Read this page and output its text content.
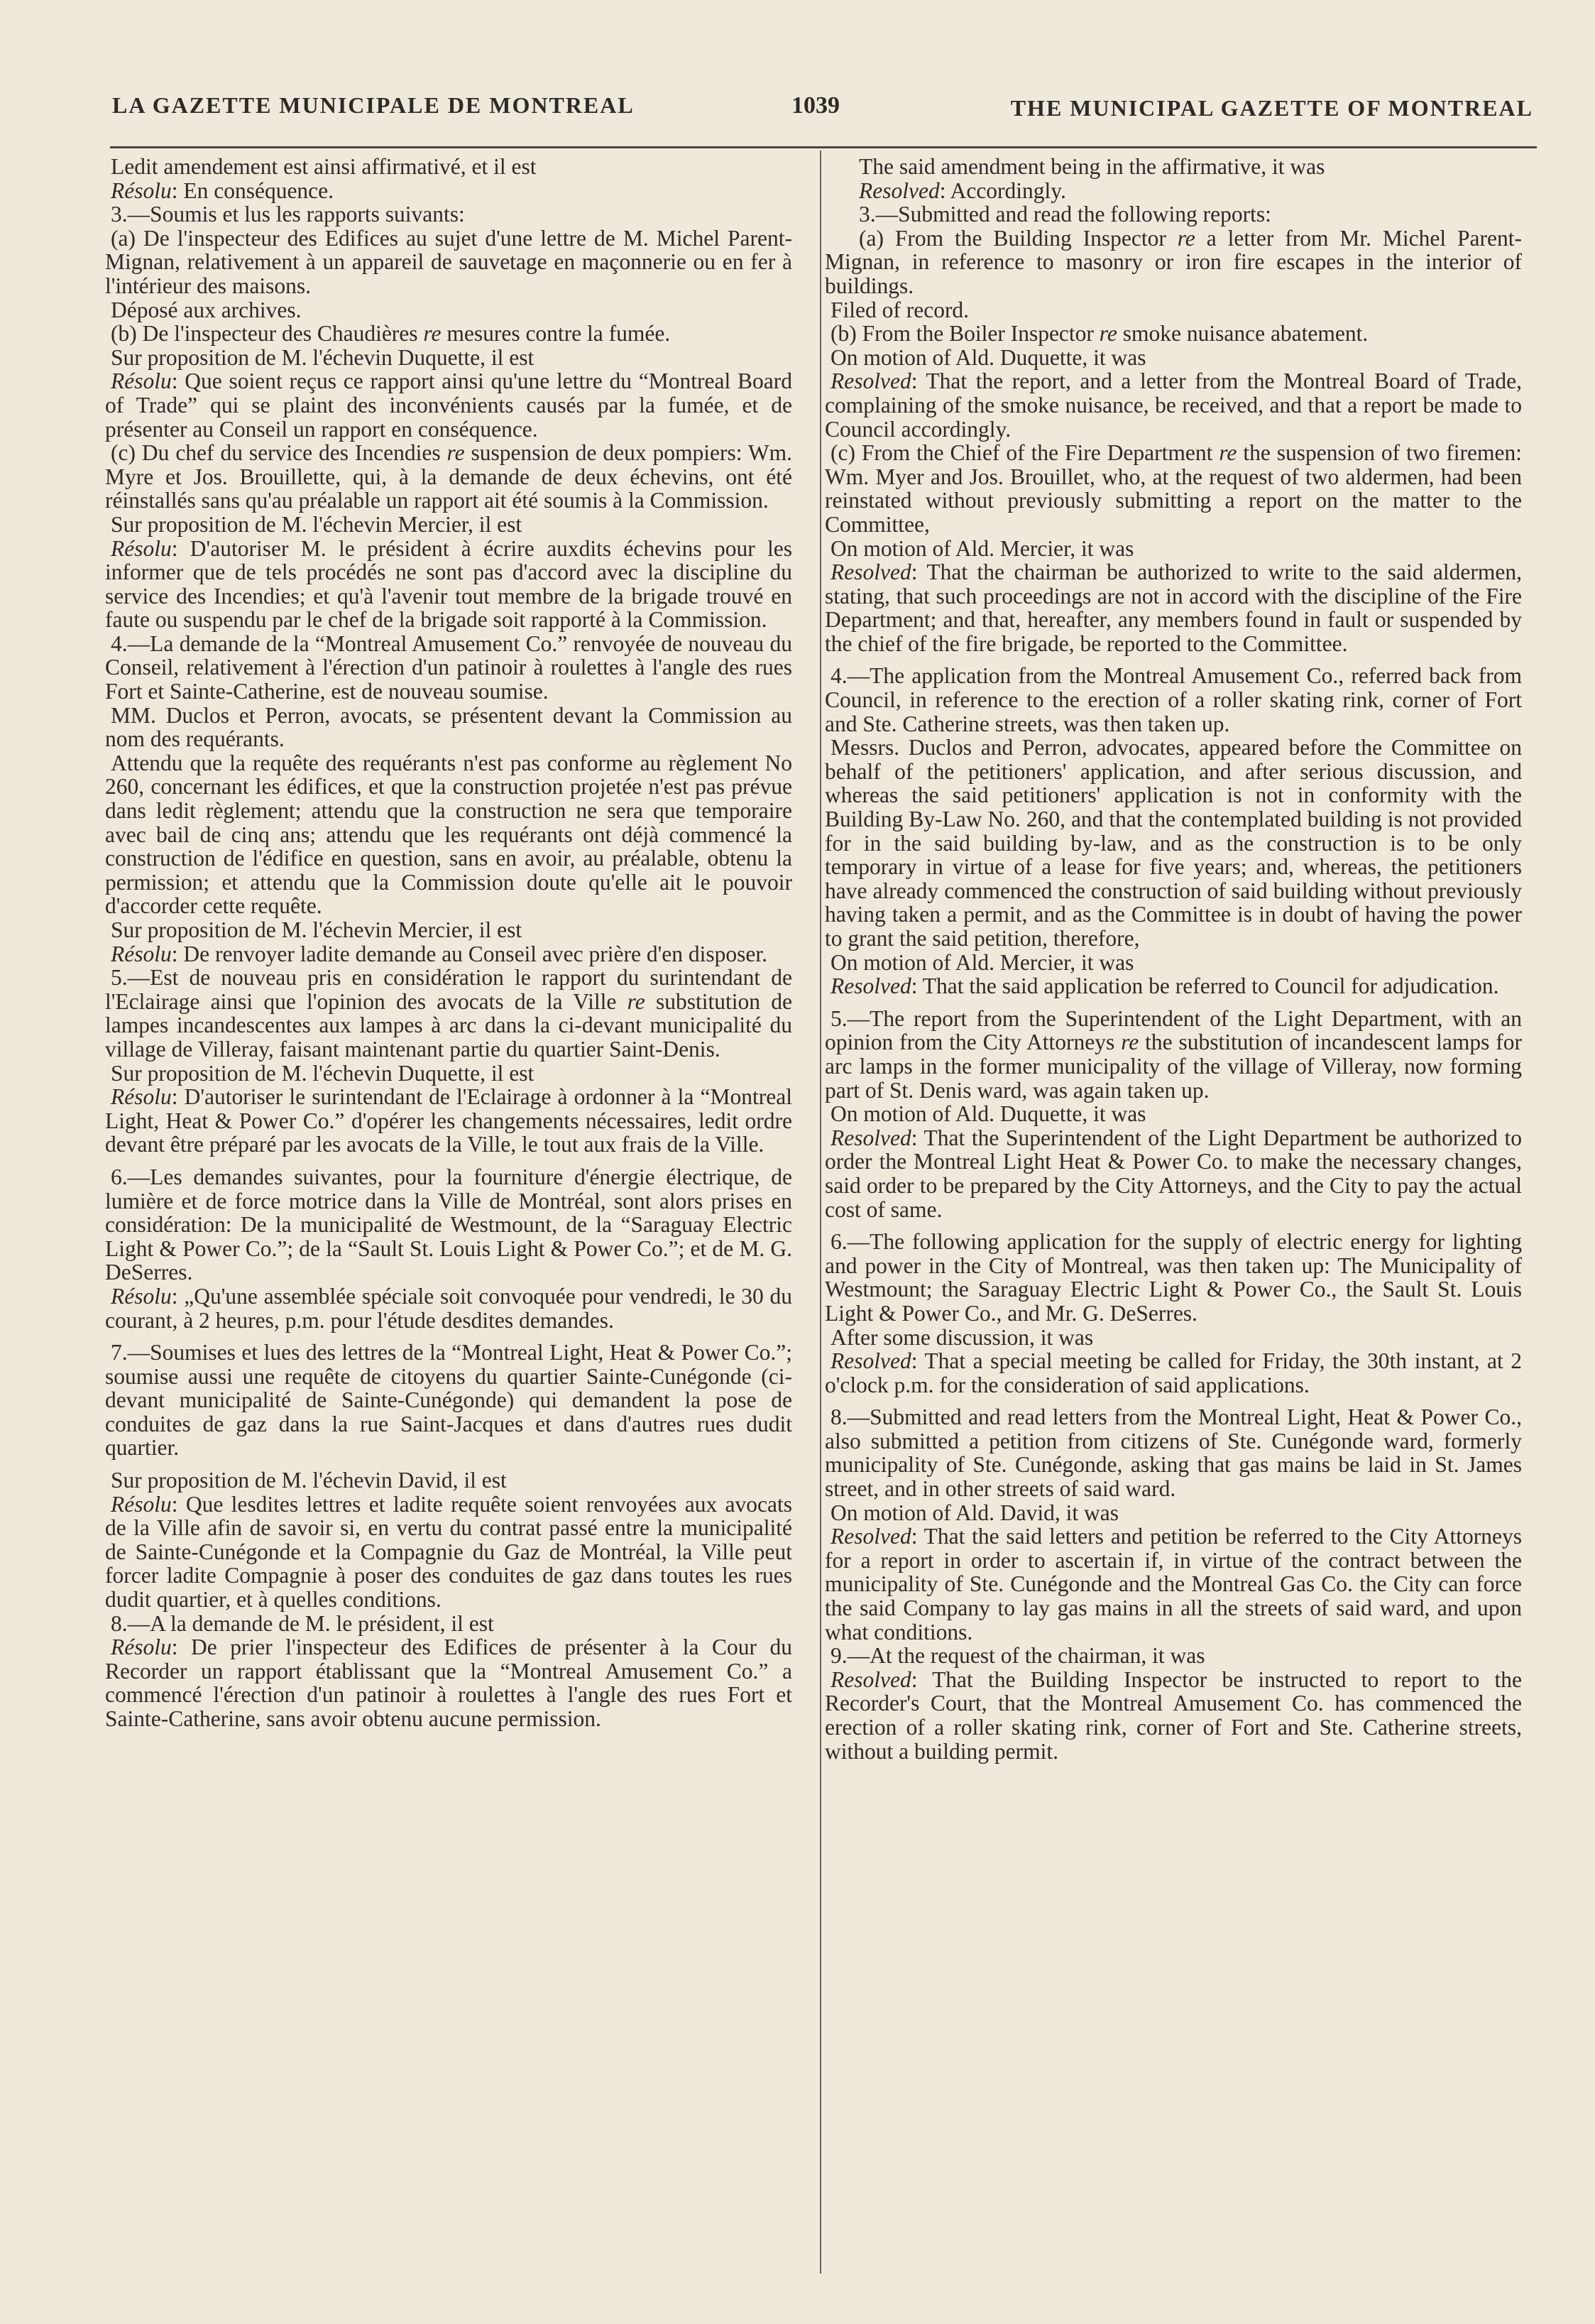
LA GAZETTE MUNICIPALE DE MONTREAL	1039	THE MUNICIPAL GAZETTE OF MONTREAL

Ledit amendement est ainsi affirmativé, et il est

Résolu: En conséquence.

3.—Soumis et lus les rapports suivants:

(a) De l'inspecteur des Edifices au sujet d'une lettre de M. Michel Parent-Mignan, relativement à un appareil de sauvetage en maçonnerie ou en fer à l'intérieur des maisons.

Déposé aux archives.

(b) De l'inspecteur des Chaudières re mesures contre la fumée.

Sur proposition de M. l'échevin Duquette, il est

Résolu: Que soient reçus ce rapport ainsi qu'une lettre du “Montreal Board of Trade” qui se plaint des inconvénients causés par la fumée, et de présenter au Conseil un rapport en conséquence.

(c) Du chef du service des Incendies re suspension de deux pompiers: Wm. Myre et Jos. Brouillette, qui, à la demande de deux échevins, ont été réinstallés sans qu'au préalable un rapport ait été soumis à la Commission.

Sur proposition de M. l'échevin Mercier, il est

Résolu: D'autoriser M. le président à écrire auxdits échevins pour les informer que de tels procédés ne sont pas d'accord avec la discipline du service des Incendies; et qu'à l'avenir tout membre de la brigade trouvé en faute ou suspendu par le chef de la brigade soit rapporté à la Commission.

4.—La demande de la “Montreal Amusement Co.” renvoyée de nouveau du Conseil, relativement à l'érection d'un patinoir à roulettes à l'angle des rues Fort et Sainte-Catherine, est de nouveau soumise.

MM. Duclos et Perron, avocats, se présentent devant la Commission au nom des requérants.

Attendu que la requête des requérants n'est pas conforme au règlement No 260, concernant les édifices, et que la construction projetée n'est pas prévue dans ledit règlement; attendu que la construction ne sera que temporaire avec bail de cinq ans; attendu que les requérants ont déjà commencé la construction de l'édifice en question, sans en avoir, au préalable, obtenu la permission; et attendu que la Commission doute qu'elle ait le pouvoir d'accorder cette requête.

Sur proposition de M. l'échevin Mercier, il est

Résolu: De renvoyer ladite demande au Conseil avec prière d'en disposer.

5.—Est de nouveau pris en considération le rapport du surintendant de l'Eclairage ainsi que l'opinion des avocats de la Ville re substitution de lampes incandescentes aux lampes à arc dans la ci-devant municipalité du village de Villeray, faisant maintenant partie du quartier Saint-Denis.

Sur proposition de M. l'échevin Duquette, il est

Résolu: D'autoriser le surintendant de l'Eclairage à ordonner à la “Montreal Light, Heat & Power Co.” d'opérer les changements nécessaires, ledit ordre devant être préparé par les avocats de la Ville, le tout aux frais de la Ville.

6.—Les demandes suivantes, pour la fourniture d'énergie électrique, de lumière et de force motrice dans la Ville de Montréal, sont alors prises en considération: De la municipalité de Westmount, de la “Saraguay Electric Light & Power Co.”; de la “Sault St. Louis Light & Power Co.”; et de M. G. DeSerres.

Résolu: „Qu'une assemblée spéciale soit convoquée pour vendredi, le 30 du courant, à 2 heures, p.m. pour l'étude desdites demandes.

7.—Soumises et lues des lettres de la “Montreal Light, Heat & Power Co.”; soumise aussi une requête de citoyens du quartier Sainte-Cunégonde (ci-devant municipalité de Sainte-Cunégonde) qui demandent la pose de conduites de gaz dans la rue Saint-Jacques et dans d'autres rues dudit quartier.

Sur proposition de M. l'échevin David, il est

Résolu: Que lesdites lettres et ladite requête soient renvoyées aux avocats de la Ville afin de savoir si, en vertu du contrat passé entre la municipalité de Sainte-Cunégonde et la Compagnie du Gaz de Montréal, la Ville peut forcer ladite Compagnie à poser des conduites de gaz dans toutes les rues dudit quartier, et à quelles conditions.

8.—A la demande de M. le président, il est

Résolu: De prier l'inspecteur des Edifices de présenter à la Cour du Recorder un rapport établissant que la “Montreal Amusement Co.” a commencé l'érection d'un patinoir à roulettes à l'angle des rues Fort et Sainte-Catherine, sans avoir obtenu aucune permission.

The said amendment being in the affirmative, it was

Resolved: Accordingly.

3.—Submitted and read the following reports:

(a) From the Building Inspector re a letter from Mr. Michel Parent-Mignan, in reference to masonry or iron fire escapes in the interior of buildings.

Filed of record.

(b) From the Boiler Inspector re smoke nuisance abatement.

On motion of Ald. Duquette, it was

Resolved: That the report, and a letter from the Montreal Board of Trade, complaining of the smoke nuisance, be received, and that a report be made to Council accordingly.

(c) From the Chief of the Fire Department re the suspension of two firemen: Wm. Myer and Jos. Brouillet, who, at the request of two aldermen, had been reinstated without previously submitting a report on the matter to the Committee,

On motion of Ald. Mercier, it was

Resolved: That the chairman be authorized to write to the said aldermen, stating, that such proceedings are not in accord with the discipline of the Fire Department; and that, hereafter, any members found in fault or suspended by the chief of the fire brigade, be reported to the Committee.

4.—The application from the Montreal Amusement Co., referred back from Council, in reference to the erection of a roller skating rink, corner of Fort and Ste. Catherine streets, was then taken up.

Messrs. Duclos and Perron, advocates, appeared before the Committee on behalf of the petitioners' application, and after serious discussion, and whereas the said petitioners' application is not in conformity with the Building By-Law No. 260, and that the contemplated building is not provided for in the said building by-law, and as the construction is to be only temporary in virtue of a lease for five years; and, whereas, the petitioners have already commenced the construction of said building without previously having taken a permit, and as the Committee is in doubt of having the power to grant the said petition, therefore,

On motion of Ald. Mercier, it was

Resolved: That the said application be referred to Council for adjudication.

5.—The report from the Superintendent of the Light Department, with an opinion from the City Attorneys re the substitution of incandescent lamps for arc lamps in the former municipality of the village of Villeray, now forming part of St. Denis ward, was again taken up.

On motion of Ald. Duquette, it was

Resolved: That the Superintendent of the Light Department be authorized to order the Montreal Light Heat & Power Co. to make the necessary changes, said order to be prepared by the City Attorneys, and the City to pay the actual cost of same.

6.—The following application for the supply of electric energy for lighting and power in the City of Montreal, was then taken up: The Municipality of Westmount; the Saraguay Electric Light & Power Co., the Sault St. Louis Light & Power Co., and Mr. G. DeSerres.

After some discussion, it was

Resolved: That a special meeting be called for Friday, the 30th instant, at 2 o'clock p.m. for the consideration of said applications.

8.—Submitted and read letters from the Montreal Light, Heat & Power Co., also submitted a petition from citizens of Ste. Cunégonde ward, formerly municipality of Ste. Cunégonde, asking that gas mains be laid in St. James street, and in other streets of said ward.

On motion of Ald. David, it was

Resolved: That the said letters and petition be referred to the City Attorneys for a report in order to ascertain if, in virtue of the contract between the municipality of Ste. Cunégonde and the Montreal Gas Co. the City can force the said Company to lay gas mains in all the streets of said ward, and upon what conditions.

9.—At the request of the chairman, it was

Resolved: That the Building Inspector be instructed to report to the Recorder's Court, that the Montreal Amusement Co. has commenced the erection of a roller skating rink, corner of Fort and Ste. Catherine streets, without a building permit.
